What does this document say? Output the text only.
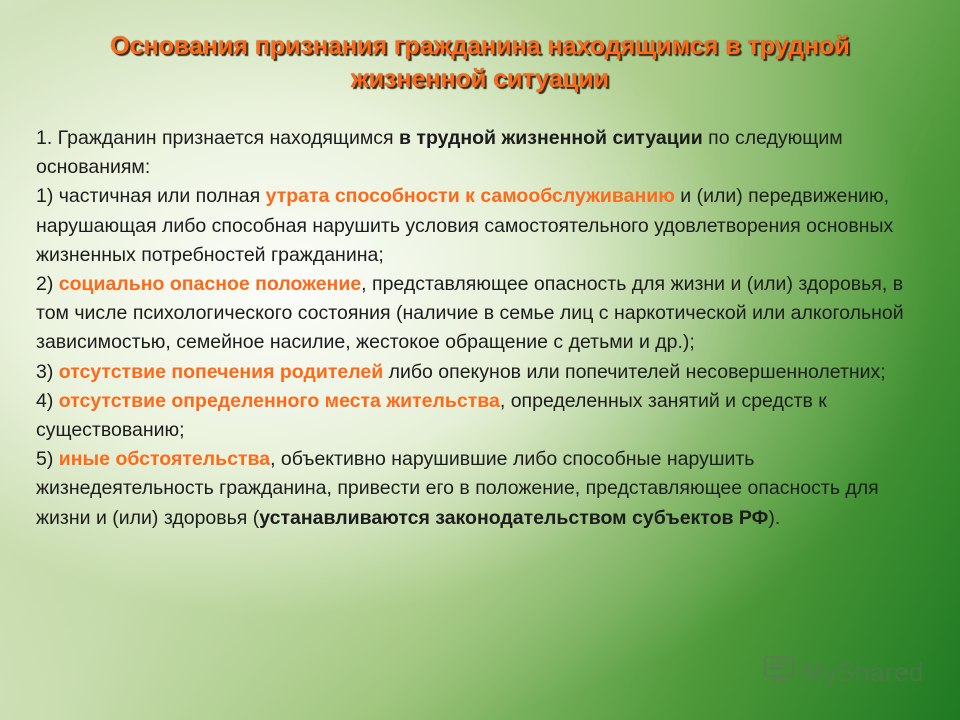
Основания признания гражданина находящимся в трудной жизненной ситуации

1. Гражданин признается находящимся в трудной жизненной ситуации по следующим основаниям:

1) частичная или полная утрата способности к самообслуживанию и (или) передвижению, нарушающая либо способная нарушить условия самостоятельного удовлетворения основных жизненных потребностей гражданина;

2) социально опасное положение, представляющее опасность для жизни и (или) здоровья, в том числе психологического состояния (наличие в семье лиц с наркотической или алкогольной зависимостью, семейное насилие, жестокое обращение с детьми и др.);

3) отсутствие попечения родителей либо опекунов или попечителей несовершеннолетних;

4) отсутствие определенного места жительства, определенных занятий и средств к существованию;

5) иные обстоятельства, объективно нарушившие либо способные нарушить жизнедеятельность гражданина, привести его в положение, представляющее опасность для жизни и (или) здоровья (устанавливаются законодательством субъектов РФ).

MyShared
